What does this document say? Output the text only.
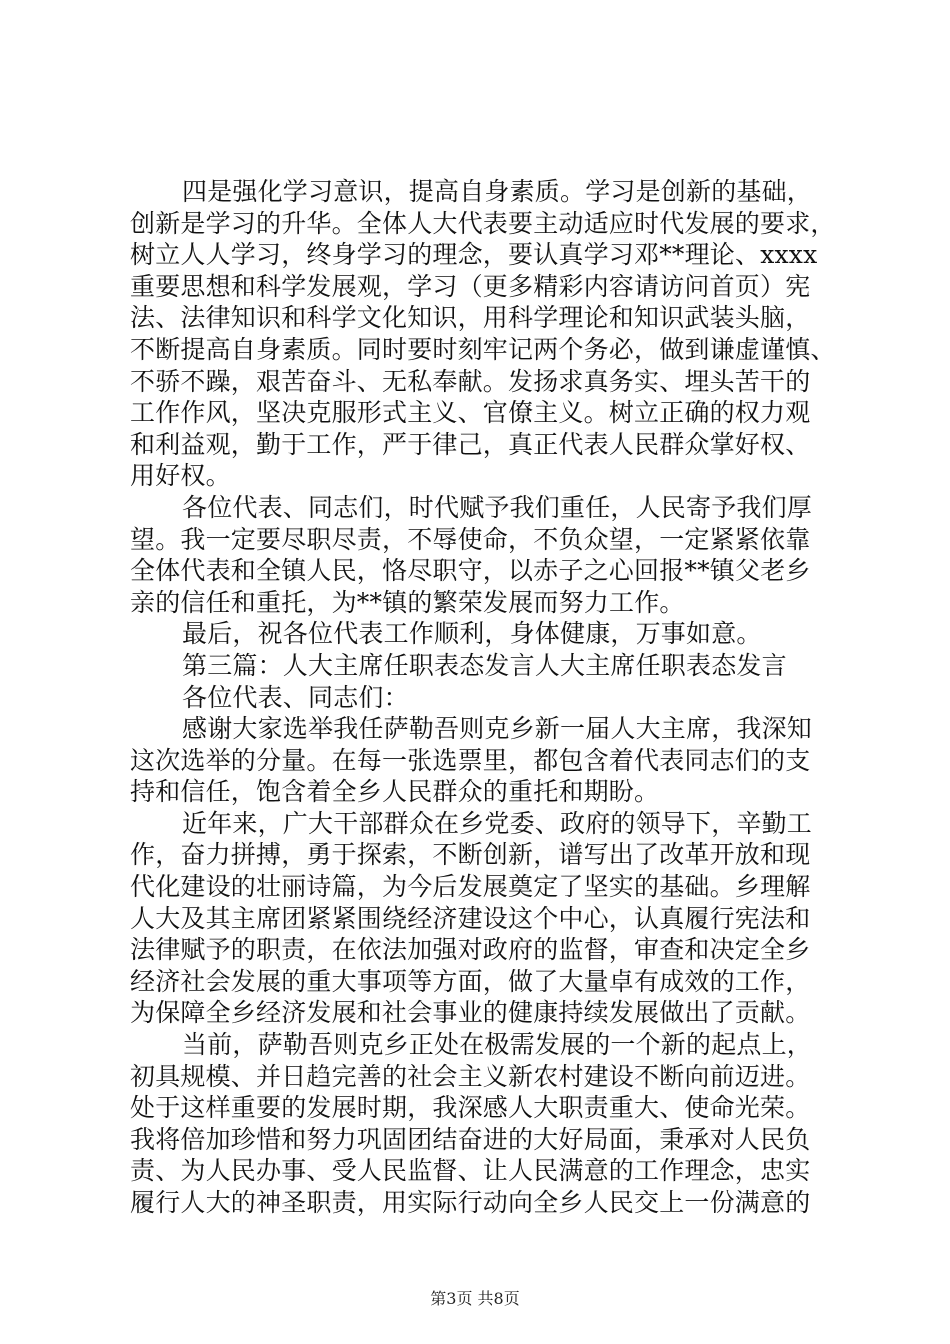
四是强化学习意识，提高自身素质。学习是创新的基础，
创新是学习的升华。全体人大代表要主动适应时代发展的要求，
树立人人学习，终身学习的理念，要认真学习邓**理论、xxxx
重要思想和科学发展观，学习（更多精彩内容请访问首页）宪
法、法律知识和科学文化知识，用科学理论和知识武装头脑，
不断提高自身素质。同时要时刻牢记两个务必，做到谦虚谨慎、
不骄不躁，艰苦奋斗、无私奉献。发扬求真务实、埋头苦干的
工作作风，坚决克服形式主义、官僚主义。树立正确的权力观
和利益观，勤于工作，严于律己，真正代表人民群众掌好权、
用好权。
各位代表、同志们，时代赋予我们重任，人民寄予我们厚
望。我一定要尽职尽责，不辱使命，不负众望，一定紧紧依靠
全体代表和全镇人民，恪尽职守，以赤子之心回报**镇父老乡
亲的信任和重托，为**镇的繁荣发展而努力工作。
最后，祝各位代表工作顺利，身体健康，万事如意。
第三篇：人大主席任职表态发言人大主席任职表态发言
各位代表、同志们：
感谢大家选举我任萨勒吾则克乡新一届人大主席，我深知
这次选举的分量。在每一张选票里，都包含着代表同志们的支
持和信任，饱含着全乡人民群众的重托和期盼。
近年来，广大干部群众在乡党委、政府的领导下，辛勤工
作，奋力拼搏，勇于探索，不断创新，谱写出了改革开放和现
代化建设的壮丽诗篇，为今后发展奠定了坚实的基础。乡理解
人大及其主席团紧紧围绕经济建设这个中心，认真履行宪法和
法律赋予的职责，在依法加强对政府的监督，审查和决定全乡
经济社会发展的重大事项等方面，做了大量卓有成效的工作，
为保障全乡经济发展和社会事业的健康持续发展做出了贡献。
当前，萨勒吾则克乡正处在极需发展的一个新的起点上，
初具规模、并日趋完善的社会主义新农村建设不断向前迈进。
处于这样重要的发展时期，我深感人大职责重大、使命光荣。
我将倍加珍惜和努力巩固团结奋进的大好局面，秉承对人民负
责、为人民办事、受人民监督、让人民满意的工作理念，忠实
履行人大的神圣职责，用实际行动向全乡人民交上一份满意的
第3页 共8页
